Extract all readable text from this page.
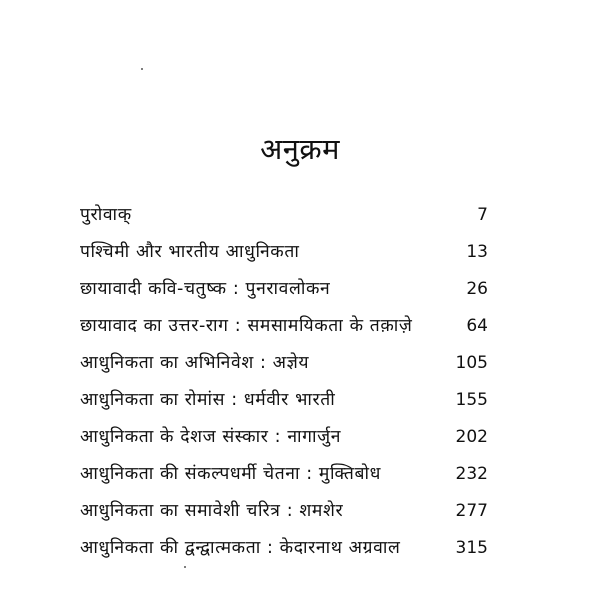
अनुक्रम
पुरोवाक्	7
पश्चिमी और भारतीय आधुनिकता	13
छायावादी कवि-चतुष्क : पुनरावलोकन	26
छायावाद का उत्तर-राग : समसामयिकता के तक़ाज़े	64
आधुनिकता का अभिनिवेश : अज्ञेय	105
आधुनिकता का रोमांस : धर्मवीर भारती	155
आधुनिकता के देशज संस्कार : नागार्जुन	202
आधुनिकता की संकल्पधर्मी चेतना : मुक्तिबोध	232
आधुनिकता का समावेशी चरित्र : शमशेर	277
आधुनिकता की द्वन्द्वात्मकता : केदारनाथ अग्रवाल	315
